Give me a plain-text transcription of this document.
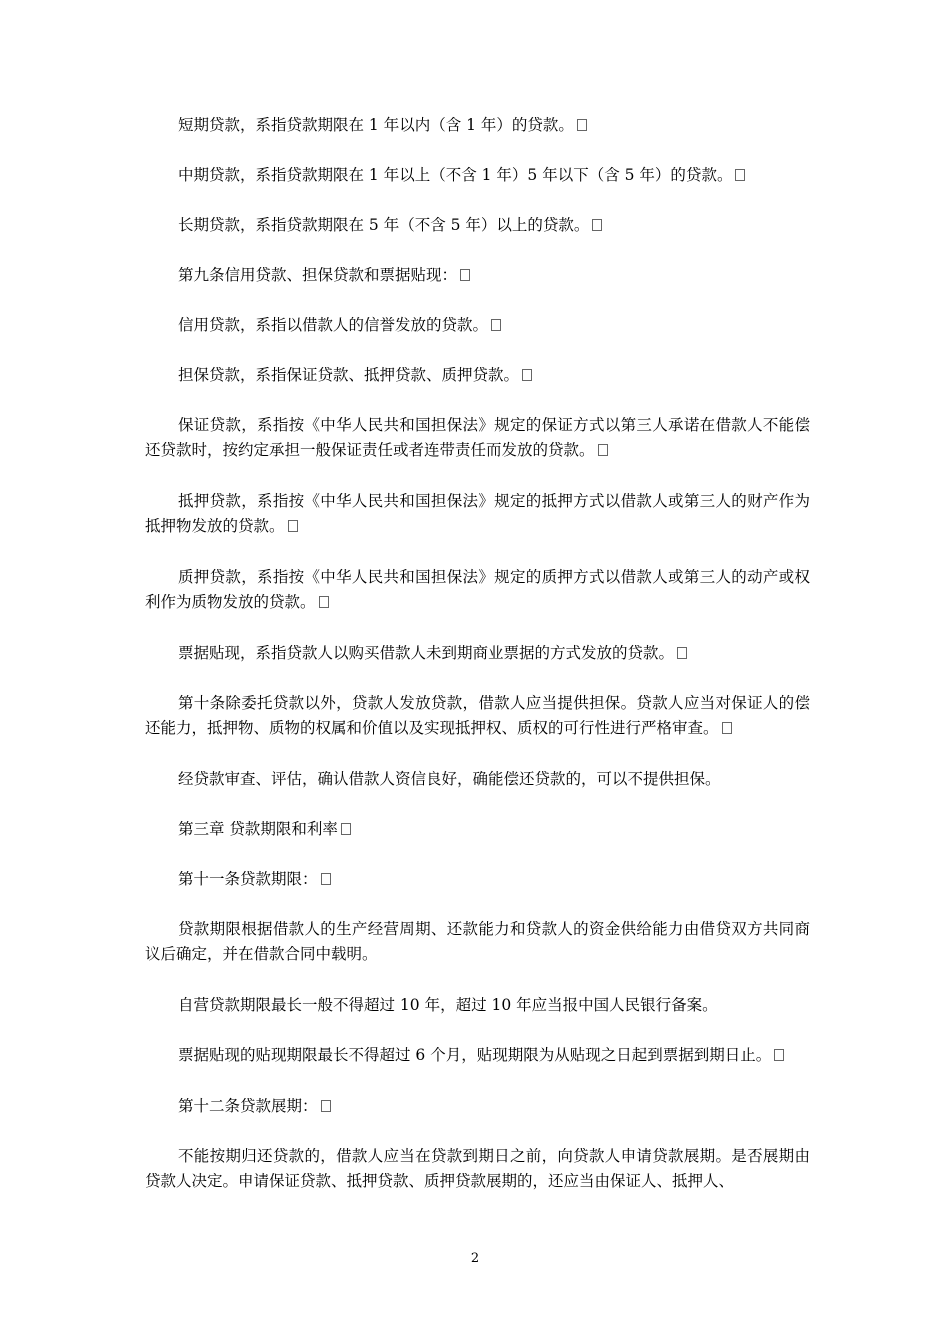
短期贷款，系指贷款期限在 1 年以内（含 1 年）的贷款。

中期贷款，系指贷款期限在 1 年以上（不含 1 年）5 年以下（含 5 年）的贷款。

长期贷款，系指贷款期限在 5 年（不含 5 年）以上的贷款。

第九条信用贷款、担保贷款和票据贴现：

信用贷款，系指以借款人的信誉发放的贷款。

担保贷款，系指保证贷款、抵押贷款、质押贷款。

保证贷款，系指按《中华人民共和国担保法》规定的保证方式以第三人承诺在借款人不能偿还贷款时，按约定承担一般保证责任或者连带责任而发放的贷款。

抵押贷款，系指按《中华人民共和国担保法》规定的抵押方式以借款人或第三人的财产作为抵押物发放的贷款。

质押贷款，系指按《中华人民共和国担保法》规定的质押方式以借款人或第三人的动产或权利作为质物发放的贷款。

票据贴现，系指贷款人以购买借款人未到期商业票据的方式发放的贷款。

第十条除委托贷款以外，贷款人发放贷款，借款人应当提供担保。贷款人应当对保证人的偿还能力，抵押物、质物的权属和价值以及实现抵押权、质权的可行性进行严格审查。

经贷款审查、评估，确认借款人资信良好，确能偿还贷款的，可以不提供担保。

第三章 贷款期限和利率

第十一条贷款期限：

贷款期限根据借款人的生产经营周期、还款能力和贷款人的资金供给能力由借贷双方共同商议后确定，并在借款合同中载明。

自营贷款期限最长一般不得超过 10 年，超过 10 年应当报中国人民银行备案。

票据贴现的贴现期限最长不得超过 6 个月，贴现期限为从贴现之日起到票据到期日止。

第十二条贷款展期：

不能按期归还贷款的，借款人应当在贷款到期日之前，向贷款人申请贷款展期。是否展期由贷款人决定。申请保证贷款、抵押贷款、质押贷款展期的，还应当由保证人、抵押人、

2
